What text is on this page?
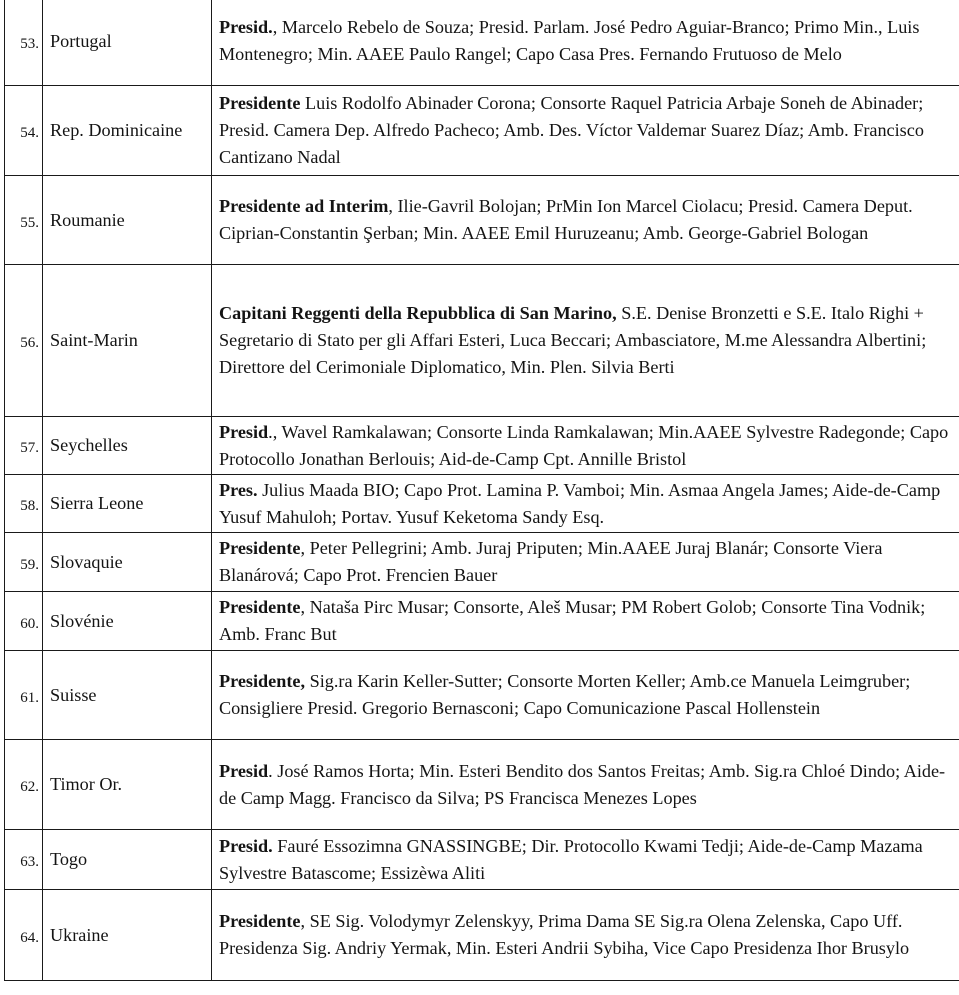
53.	Portugal	Presid., Marcelo Rebelo de Souza; Presid. Parlam. José Pedro Aguiar-Branco; Primo Min., Luis Montenegro; Min. AAEE Paulo Rangel; Capo Casa Pres. Fernando Frutuoso de Melo
54.	Rep. Dominicaine	Presidente Luis Rodolfo Abinader Corona; Consorte Raquel Patricia Arbaje Soneh de Abinader; Presid. Camera Dep. Alfredo Pacheco; Amb. Des. Víctor Valdemar Suarez Díaz; Amb. Francisco Cantizano Nadal
55.	Roumanie	Presidente ad Interim, Ilie-Gavril Bolojan; PrMin Ion Marcel Ciolacu; Presid. Camera Deput. Ciprian-Constantin Şerban; Min. AAEE Emil Huruzeanu; Amb. George-Gabriel Bologan
56.	Saint-Marin	Capitani Reggenti della Repubblica di San Marino, S.E. Denise Bronzetti e S.E. Italo Righi + Segretario di Stato per gli Affari Esteri, Luca Beccari; Ambasciatore, M.me Alessandra Albertini; Direttore del Cerimoniale Diplomatico, Min. Plen. Silvia Berti
57.	Seychelles	Presid., Wavel Ramkalawan; Consorte Linda Ramkalawan; Min.AAEE Sylvestre Radegonde; Capo Protocollo Jonathan Berlouis; Aid-de-Camp Cpt. Annille Bristol
58.	Sierra Leone	Pres. Julius Maada BIO; Capo Prot. Lamina P. Vamboi; Min. Asmaa Angela James; Aide-de-Camp Yusuf Mahuloh; Portav. Yusuf Keketoma Sandy Esq.
59.	Slovaquie	Presidente, Peter Pellegrini; Amb. Juraj Priputen; Min.AAEE Juraj Blanár; Consorte Viera Blanárová; Capo Prot. Frencien Bauer
60.	Slovénie	Presidente, Nataša Pirc Musar; Consorte, Aleš Musar; PM Robert Golob; Consorte Tina Vodnik; Amb. Franc But
61.	Suisse	Presidente, Sig.ra Karin Keller-Sutter; Consorte Morten Keller; Amb.ce Manuela Leimgruber; Consigliere Presid. Gregorio Bernasconi; Capo Comunicazione Pascal Hollenstein
62.	Timor Or.	Presid. José Ramos Horta; Min. Esteri Bendito dos Santos Freitas; Amb. Sig.ra Chloé Dindo; Aide-de Camp Magg. Francisco da Silva; PS Francisca Menezes Lopes
63.	Togo	Presid. Fauré Essozimna GNASSINGBE; Dir. Protocollo Kwami Tedji; Aide-de-Camp Mazama Sylvestre Batascome; Essizèwa Aliti
64.	Ukraine	Presidente, SE Sig. Volodymyr Zelenskyy, Prima Dama SE Sig.ra Olena Zelenska, Capo Uff. Presidenza Sig. Andriy Yermak, Min. Esteri Andrii Sybiha, Vice Capo Presidenza Ihor Brusylo
